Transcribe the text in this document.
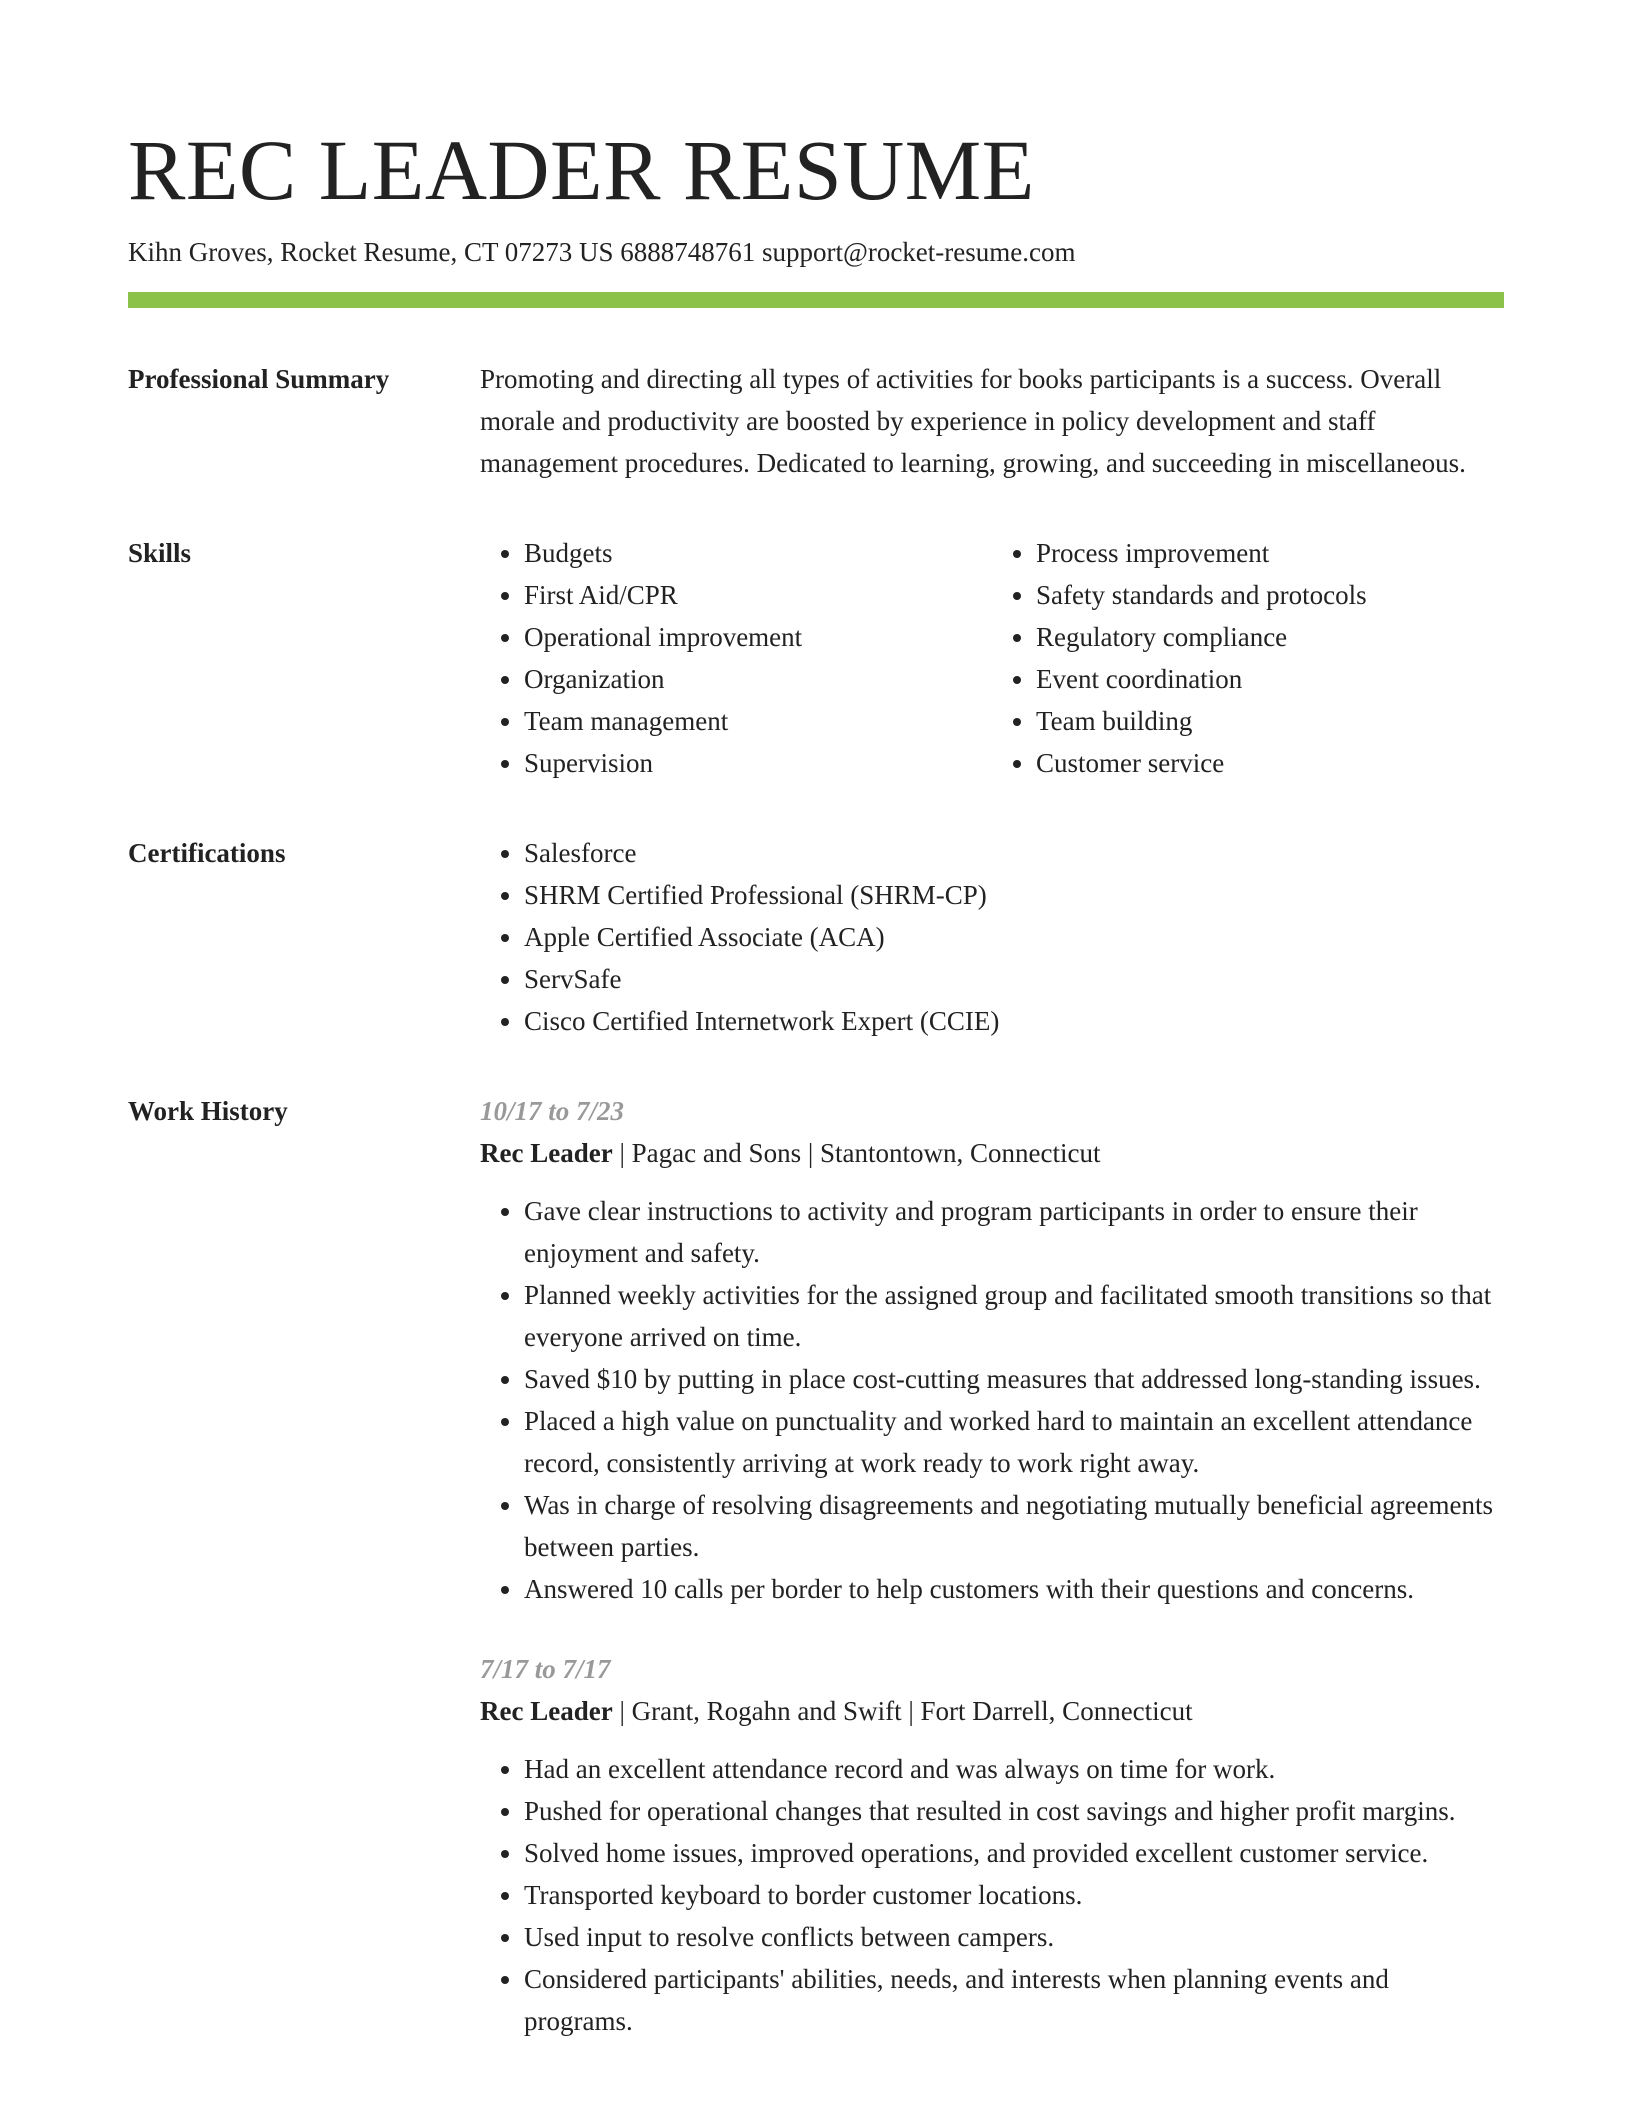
REC LEADER RESUME
Kihn Groves, Rocket Resume, CT 07273 US 6888748761 support@rocket-resume.com
Professional Summary	Promoting and directing all types of activities for books participants is a success. Overall morale and productivity are boosted by experience in policy development and staff management procedures. Dedicated to learning, growing, and succeeding in miscellaneous.

Skills	• Budgets
• First Aid/CPR
• Operational improvement
• Organization
• Team management
• Supervision
• Process improvement
• Safety standards and protocols
• Regulatory compliance
• Event coordination
• Team building
• Customer service
Certifications	• Salesforce
• SHRM Certified Professional (SHRM-CP)
• Apple Certified Associate (ACA)
• ServSafe
• Cisco Certified Internetwork Expert (CCIE)
Work History	10/17 to 7/23
Rec Leader | Pagac and Sons | Stantontown, Connecticut
• Gave clear instructions to activity and program participants in order to ensure their enjoyment and safety.
• Planned weekly activities for the assigned group and facilitated smooth transitions so that everyone arrived on time.
• Saved $10 by putting in place cost-cutting measures that addressed long-standing issues.
• Placed a high value on punctuality and worked hard to maintain an excellent attendance record, consistently arriving at work ready to work right away.
• Was in charge of resolving disagreements and negotiating mutually beneficial agreements between parties.
• Answered 10 calls per border to help customers with their questions and concerns.
7/17 to 7/17
Rec Leader | Grant, Rogahn and Swift | Fort Darrell, Connecticut
• Had an excellent attendance record and was always on time for work.
• Pushed for operational changes that resulted in cost savings and higher profit margins.
• Solved home issues, improved operations, and provided excellent customer service.
• Transported keyboard to border customer locations.
• Used input to resolve conflicts between campers.
• Considered participants' abilities, needs, and interests when planning events and programs.
